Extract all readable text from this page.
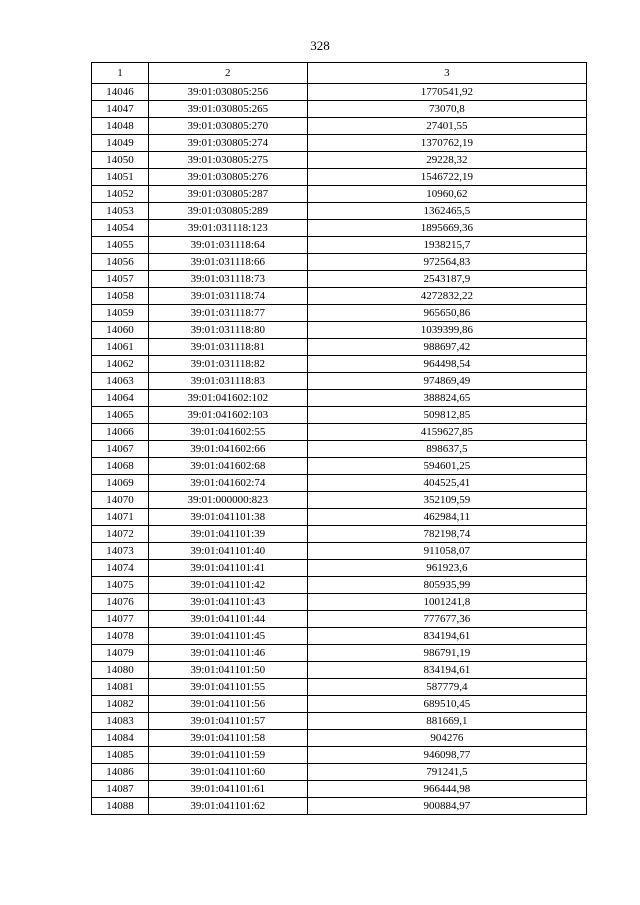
328
1	2	3
14046	39:01:030805:256	1770541,92
14047	39:01:030805:265	73070,8
14048	39:01:030805:270	27401,55
14049	39:01:030805:274	1370762,19
14050	39:01:030805:275	29228,32
14051	39:01:030805:276	1546722,19
14052	39:01:030805:287	10960,62
14053	39:01:030805:289	1362465,5
14054	39:01:031118:123	1895669,36
14055	39:01:031118:64	1938215,7
14056	39:01:031118:66	972564,83
14057	39:01:031118:73	2543187,9
14058	39:01:031118:74	4272832,22
14059	39:01:031118:77	965650,86
14060	39:01:031118:80	1039399,86
14061	39:01:031118:81	988697,42
14062	39:01:031118:82	964498,54
14063	39:01:031118:83	974869,49
14064	39:01:041602:102	388824,65
14065	39:01:041602:103	509812,85
14066	39:01:041602:55	4159627,85
14067	39:01:041602:66	898637,5
14068	39:01:041602:68	594601,25
14069	39:01:041602:74	404525,41
14070	39:01:000000:823	352109,59
14071	39:01:041101:38	462984,11
14072	39:01:041101:39	782198,74
14073	39:01:041101:40	911058,07
14074	39:01:041101:41	961923,6
14075	39:01:041101:42	805935,99
14076	39:01:041101:43	1001241,8
14077	39:01:041101:44	777677,36
14078	39:01:041101:45	834194,61
14079	39:01:041101:46	986791,19
14080	39:01:041101:50	834194,61
14081	39:01:041101:55	587779,4
14082	39:01:041101:56	689510,45
14083	39:01:041101:57	881669,1
14084	39:01:041101:58	904276
14085	39:01:041101:59	946098,77
14086	39:01:041101:60	791241,5
14087	39:01:041101:61	966444,98
14088	39:01:041101:62	900884,97
